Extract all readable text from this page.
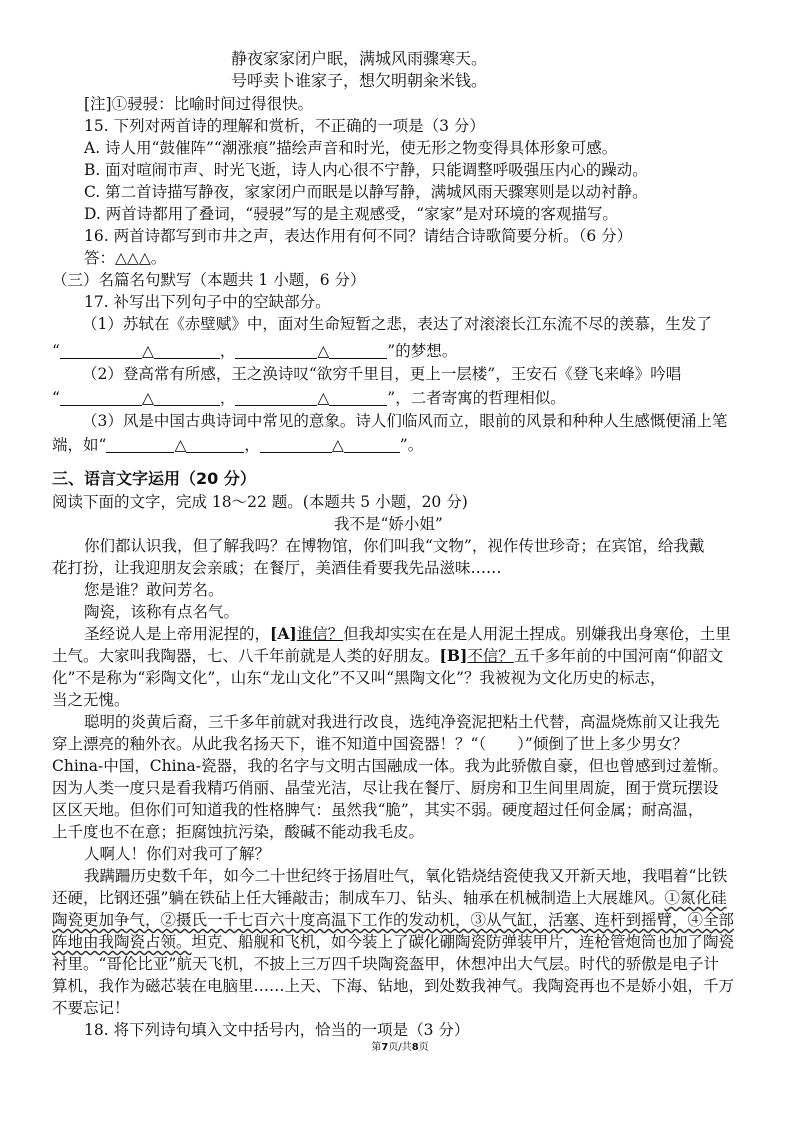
静夜家家闭户眠，满城风雨骤寒天。
号呼卖卜谁家子，想欠明朝籴米钱。
[注]①骎骎：比喻时间过得很快。
15. 下列对两首诗的理解和赏析，不正确的一项是（3 分）
A. 诗人用“鼓催阵”“潮涨痕”描绘声音和时光，使无形之物变得具体形象可感。
B. 面对喧闹市声、时光飞逝，诗人内心很不宁静，只能调整呼吸强压内心的躁动。
C. 第二首诗描写静夜，家家闭户而眠是以静写静，满城风雨天骤寒则是以动衬静。
D. 两首诗都用了叠词，“骎骎”写的是主观感受，“家家”是对环境的客观描写。
16. 两首诗都写到市井之声，表达作用有何不同？请结合诗歌简要分析。（6 分）
答：△△△。
（三）名篇名句默写（本题共 1 小题，6 分）
17. 补写出下列句子中的空缺部分。
（1）苏轼在《赤壁赋》中，面对生命短暂之悲，表达了对滚滚长江东流不尽的羡慕，生发了
“	△	，	△	”的梦想。
（2）登高常有所感，王之涣诗叹“欲穷千里目，更上一层楼”，王安石《登飞来峰》吟唱
“	△	，	△	”，二者寄寓的哲理相似。
（3）风是中国古典诗词中常见的意象。诗人们临风而立，眼前的风景和种种人生感慨便涌上笔
端，如“	△	，	△	”。
三、语言文字运用（20 分）
阅读下面的文字，完成 18～22 题。(本题共 5 小题，20 分)
我不是“娇小姐”
你们都认识我，但了解我吗？在博物馆，你们叫我“文物”，视作传世珍奇；在宾馆，给我戴
花打扮，让我迎朋友会亲戚；在餐厅，美酒佳肴要我先品滋味……
您是谁？敢问芳名。
陶瓷，该称有点名气。
圣经说人是上帝用泥捏的，[A]谁信？但我却实实在在是人用泥土捏成。别嫌我出身寒伧，土里
土气。大家叫我陶器，七、八千年前就是人类的好朋友。[B]不信？五千多年前的中国河南“仰韶文
化”不是称为“彩陶文化”，山东“龙山文化”不又叫“黑陶文化”？我被视为文化历史的标志，
当之无愧。
聪明的炎黄后裔，三千多年前就对我进行改良，选纯净瓷泥把粘土代替，高温烧炼前又让我先
穿上漂亮的釉外衣。从此我名扬天下，谁不知道中国瓷器！？“（　　）”倾倒了世上多少男女？
China-中国，China-瓷器，我的名字与文明古国融成一体。我为此骄傲自豪，但也曾感到过羞惭。
因为人类一度只是看我精巧俏丽、晶莹光洁，尽让我在餐厅、厨房和卫生间里周旋，囿于赏玩摆设
区区天地。但你们可知道我的性格脾气：虽然我“脆”，其实不弱。硬度超过任何金属；耐高温，
上千度也不在意；拒腐蚀抗污染，酸碱不能动我毛皮。
人啊人！你们对我可了解？
我蹒跚历史数千年，如今二十世纪终于扬眉吐气，氧化锆烧结瓷使我又开新天地，我唱着“比铁
还硬，比钢还强”躺在铁砧上任大锤敲击；制成车刀、钻头、轴承在机械制造上大展雄风。①氮化硅
陶瓷更加争气，②摄氏一千七百六十度高温下工作的发动机，③从气缸，活塞、连杆到摇臂，④全部
阵地由我陶瓷占领。坦克、船舰和飞机，如今装上了碳化硼陶瓷防弹装甲片，连枪管炮筒也加了陶瓷
衬里。“哥伦比亚”航天飞机，不披上三万四千块陶瓷盔甲，休想冲出大气层。时代的骄傲是电子计
算机，我作为磁芯装在电脑里……上天、下海、钻地，到处数我神气。我陶瓷再也不是娇小姐，千万
不要忘记！
18. 将下列诗句填入文中括号内，恰当的一项是（3 分）
第7页/共8页
